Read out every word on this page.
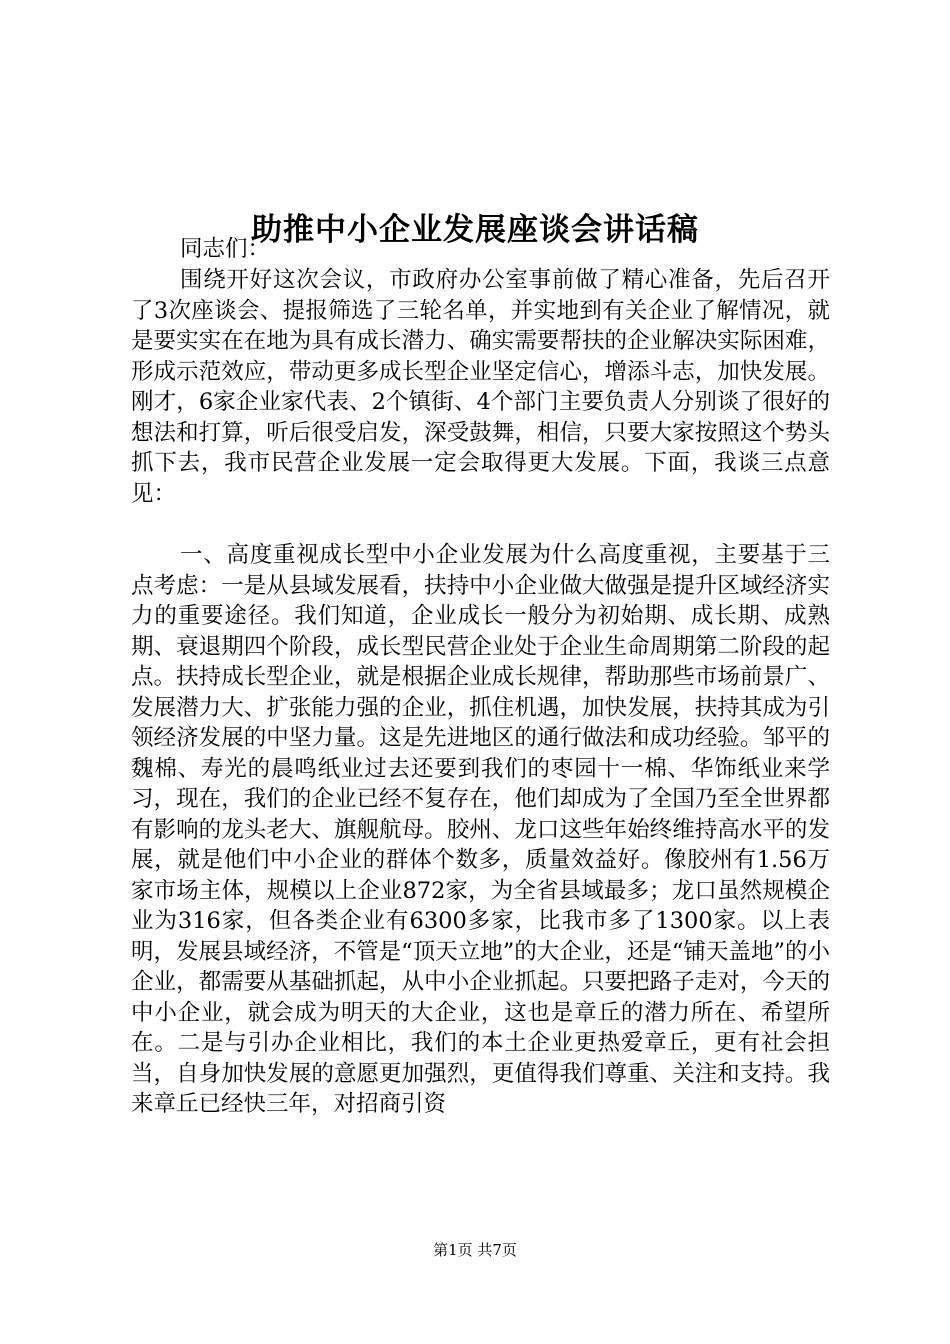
助推中小企业发展座谈会讲话稿

同志们：

围绕开好这次会议，市政府办公室事前做了精心准备，先后召开了3次座谈会、提报筛选了三轮名单，并实地到有关企业了解情况，就是要实实在在地为具有成长潜力、确实需要帮扶的企业解决实际困难，形成示范效应，带动更多成长型企业坚定信心，增添斗志，加快发展。刚才，6家企业家代表、2个镇街、4个部门主要负责人分别谈了很好的想法和打算，听后很受启发，深受鼓舞，相信，只要大家按照这个势头抓下去，我市民营企业发展一定会取得更大发展。下面，我谈三点意见：

一、高度重视成长型中小企业发展为什么高度重视，主要基于三点考虑：一是从县域发展看，扶持中小企业做大做强是提升区域经济实力的重要途径。我们知道，企业成长一般分为初始期、成长期、成熟期、衰退期四个阶段，成长型民营企业处于企业生命周期第二阶段的起点。扶持成长型企业，就是根据企业成长规律，帮助那些市场前景广、发展潜力大、扩张能力强的企业，抓住机遇，加快发展，扶持其成为引领经济发展的中坚力量。这是先进地区的通行做法和成功经验。邹平的魏棉、寿光的晨鸣纸业过去还要到我们的枣园十一棉、华饰纸业来学习，现在，我们的企业已经不复存在，他们却成为了全国乃至全世界都有影响的龙头老大、旗舰航母。胶州、龙口这些年始终维持高水平的发展，就是他们中小企业的群体个数多，质量效益好。像胶州有1.56万家市场主体，规模以上企业872家，为全省县域最多；龙口虽然规模企业为316家，但各类企业有6300多家，比我市多了1300家。以上表明，发展县域经济，不管是“顶天立地”的大企业，还是“铺天盖地”的小企业，都需要从基础抓起，从中小企业抓起。只要把路子走对，今天的中小企业，就会成为明天的大企业，这也是章丘的潜力所在、希望所在。二是与引办企业相比，我们的本土企业更热爱章丘，更有社会担当，自身加快发展的意愿更加强烈，更值得我们尊重、关注和支持。我来章丘已经快三年，对招商引资

第1页 共7页
